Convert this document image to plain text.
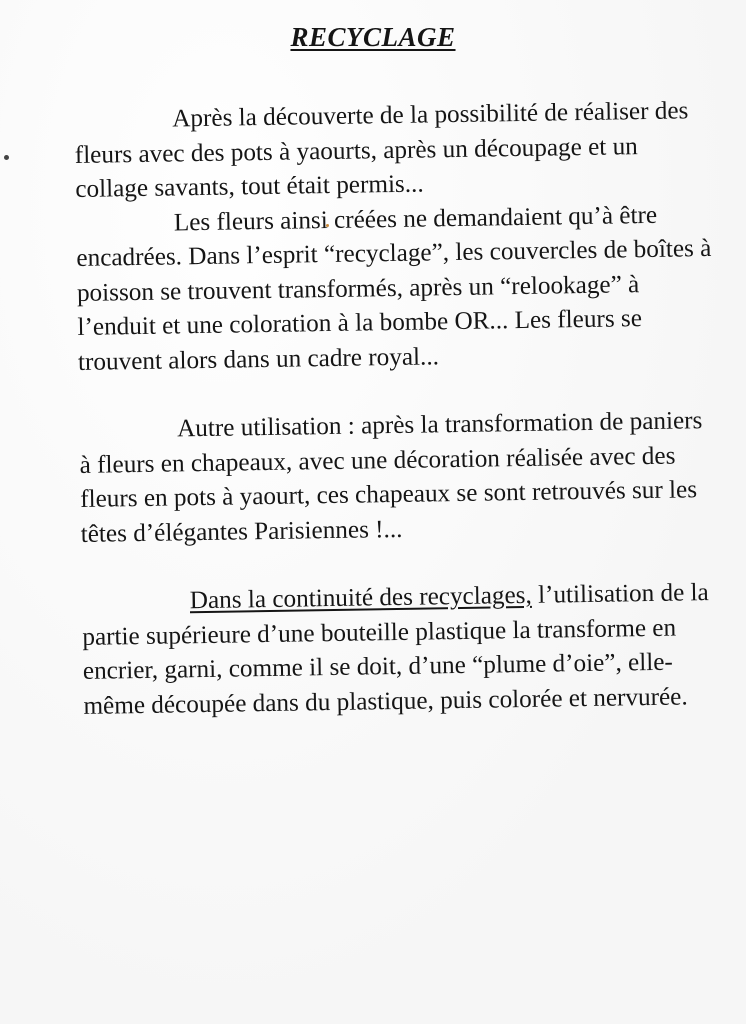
RECYCLAGE

Après la découverte de la possibilité de réaliser des fleurs avec des pots à yaourts, après un découpage et un collage savants, tout était permis...

Les fleurs ainsi créées ne demandaient qu’à être encadrées. Dans l’esprit “recyclage”, les couvercles de boîtes à poisson se trouvent transformés, après un “relookage” à l’enduit et une coloration à la bombe OR... Les fleurs se trouvent alors dans un cadre royal...

Autre utilisation : après la transformation de paniers à fleurs en chapeaux, avec une décoration réalisée avec des fleurs en pots à yaourt, ces chapeaux se sont retrouvés sur les têtes d’élégantes Parisiennes !...

Dans la continuité des recyclages, l’utilisation de la partie supérieure d’une bouteille plastique la transforme en encrier, garni, comme il se doit, d’une “plume d’oie”, elle-même découpée dans du plastique, puis colorée et nervurée.
